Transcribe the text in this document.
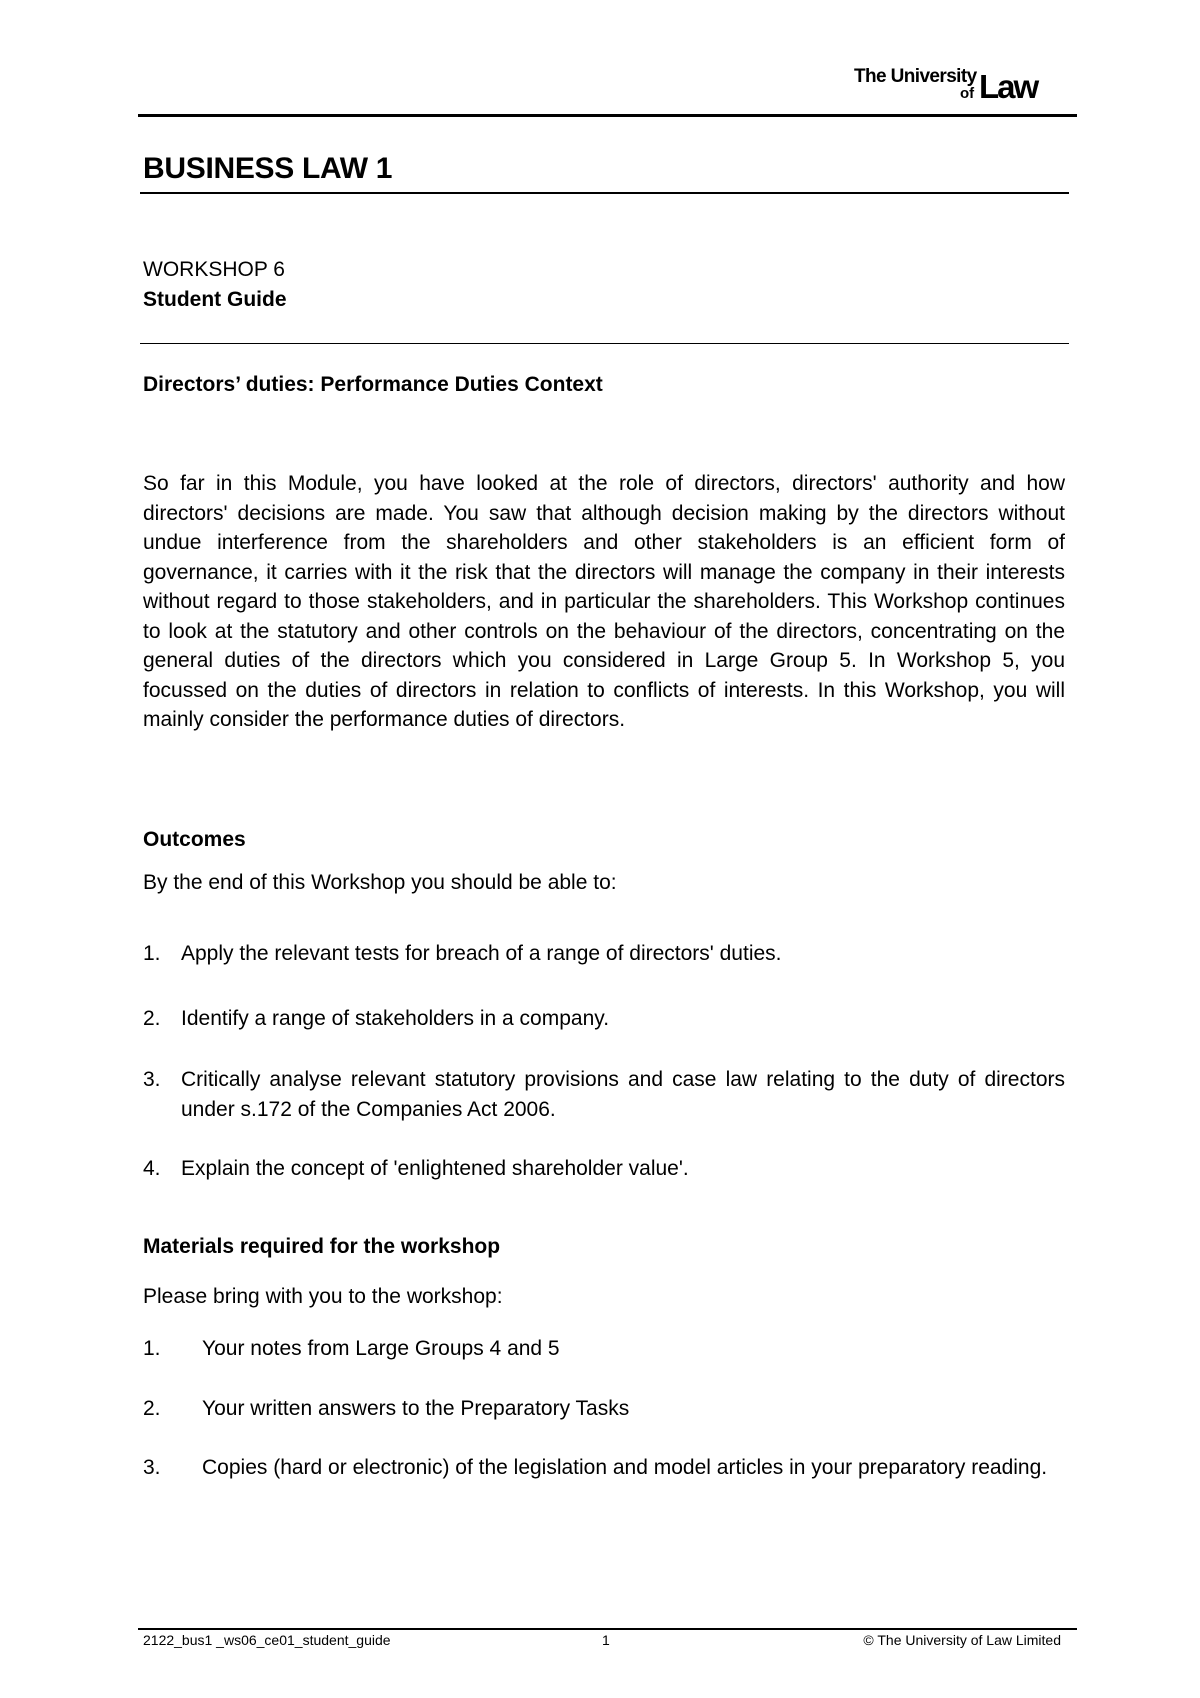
The University
of Law
BUSINESS LAW 1
WORKSHOP 6
Student Guide
Directors’ duties: Performance Duties Context

So far in this Module, you have looked at the role of directors, directors' authority and how directors' decisions are made. You saw that although decision making by the directors without undue interference from the shareholders and other stakeholders is an efficient form of governance, it carries with it the risk that the directors will manage the company in their interests without regard to those stakeholders, and in particular the shareholders. This Workshop continues to look at the statutory and other controls on the behaviour of the directors, concentrating on the general duties of the directors which you considered in Large Group 5. In Workshop 5, you focussed on the duties of directors in relation to conflicts of interests. In this Workshop, you will mainly consider the performance duties of directors.

Outcomes

By the end of this Workshop you should be able to:

1. Apply the relevant tests for breach of a range of directors' duties.
2. Identify a range of stakeholders in a company.
3. Critically analyse relevant statutory provisions and case law relating to the duty of directors under s.172 of the Companies Act 2006.
4. Explain the concept of 'enlightened shareholder value'.
Materials required for the workshop

Please bring with you to the workshop:

1.	Your notes from Large Groups 4 and 5
2.	Your written answers to the Preparatory Tasks
3.	Copies (hard or electronic) of the legislation and model articles in your preparatory reading.
2122_bus1 _ws06_ce01_student_guide	1	© The University of Law Limited
